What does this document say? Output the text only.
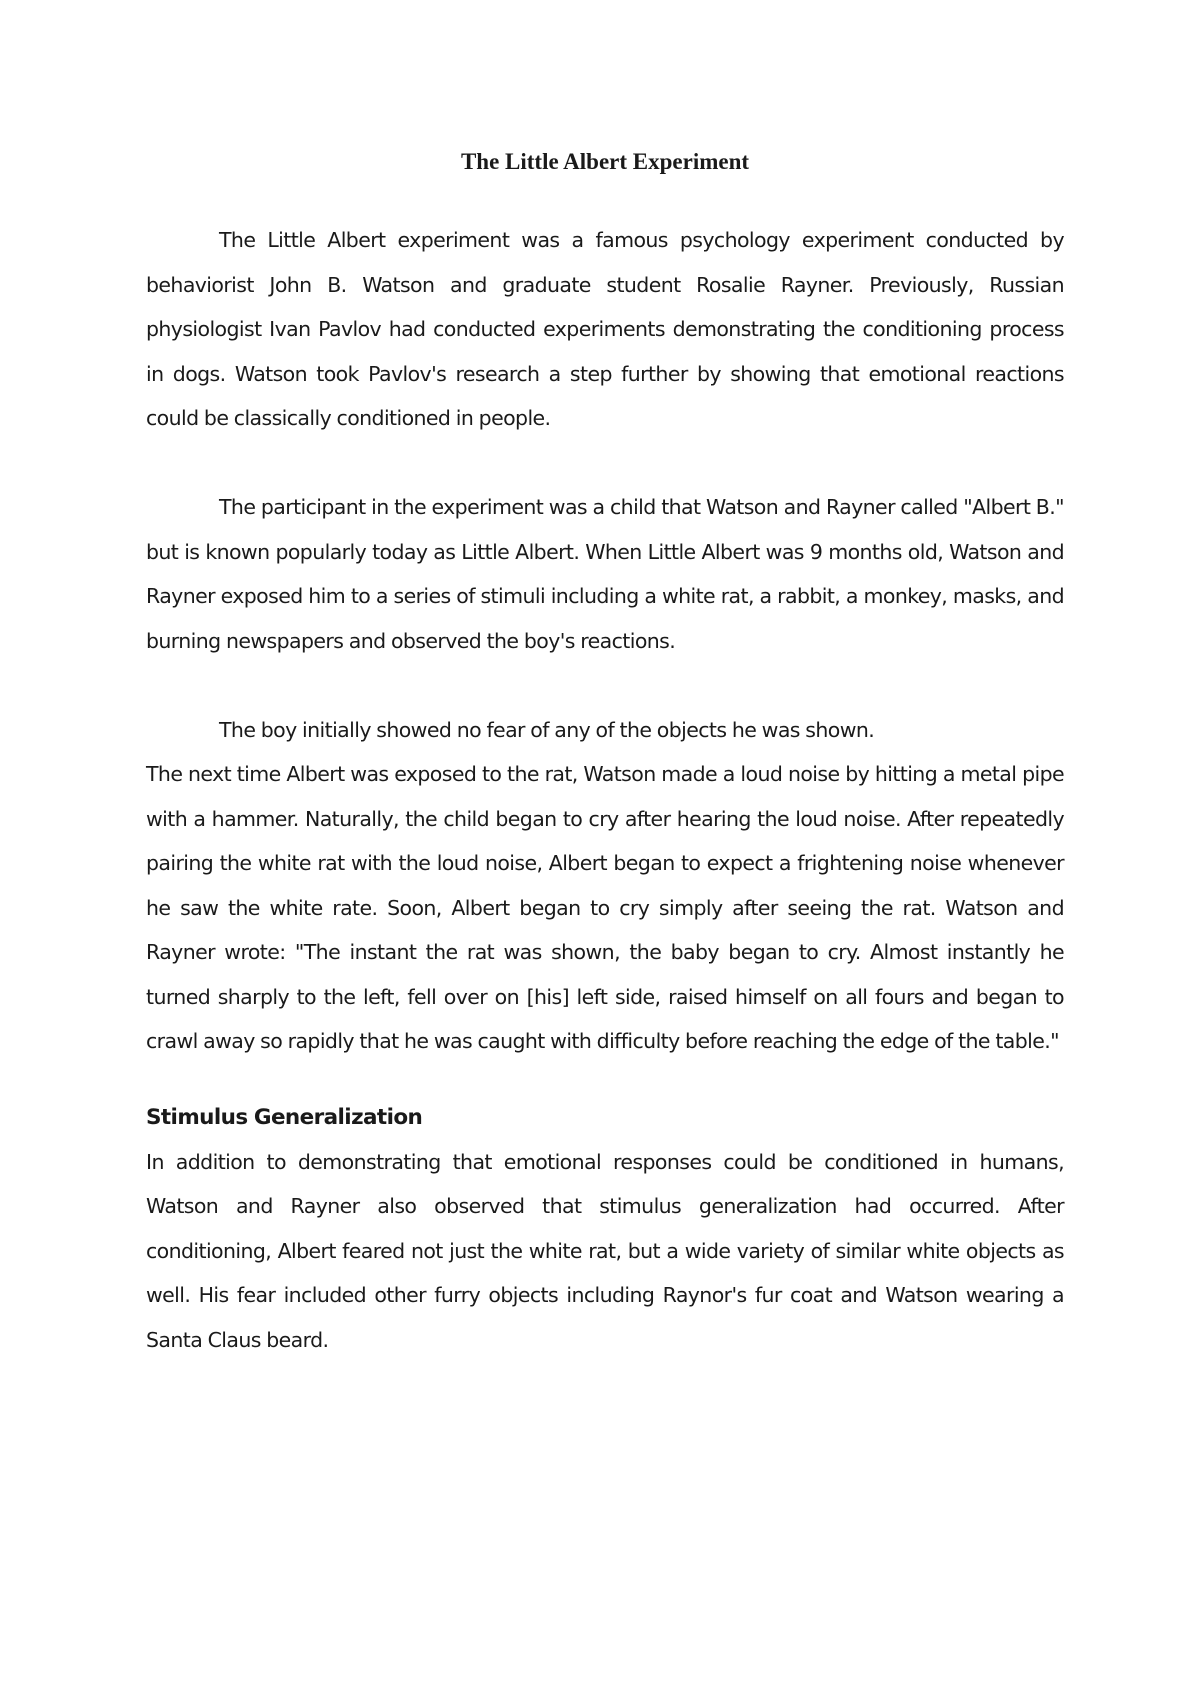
The Little Albert Experiment

The Little Albert experiment was a famous psychology experiment conducted by behaviorist John B. Watson and graduate student Rosalie Rayner. Previously, Russian physiologist Ivan Pavlov had conducted experiments demonstrating the conditioning process in dogs. Watson took Pavlov's research a step further by showing that emotional reactions could be classically conditioned in people.

The participant in the experiment was a child that Watson and Rayner called "Albert B." but is known popularly today as Little Albert. When Little Albert was 9 months old, Watson and Rayner exposed him to a series of stimuli including a white rat, a rabbit, a monkey, masks, and burning newspapers and observed the boy's reactions.

The boy initially showed no fear of any of the objects he was shown.

The next time Albert was exposed to the rat, Watson made a loud noise by hitting a metal pipe with a hammer. Naturally, the child began to cry after hearing the loud noise. After repeatedly pairing the white rat with the loud noise, Albert began to expect a frightening noise whenever he saw the white rate. Soon, Albert began to cry simply after seeing the rat. Watson and Rayner wrote: "The instant the rat was shown, the baby began to cry. Almost instantly he turned sharply to the left, fell over on [his] left side, raised himself on all fours and began to crawl away so rapidly that he was caught with difficulty before reaching the edge of the table."

Stimulus Generalization

In addition to demonstrating that emotional responses could be conditioned in humans, Watson and Rayner also observed that stimulus generalization had occurred. After conditioning, Albert feared not just the white rat, but a wide variety of similar white objects as well. His fear included other furry objects including Raynor's fur coat and Watson wearing a Santa Claus beard.
